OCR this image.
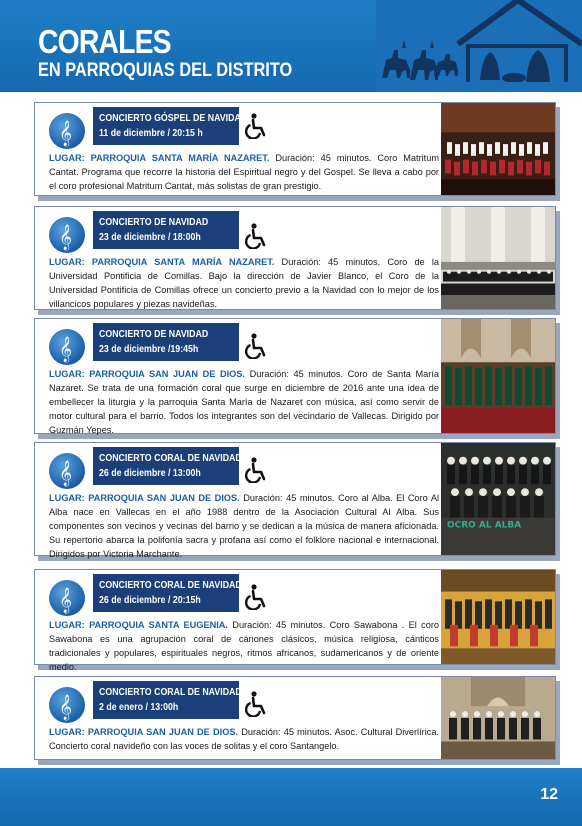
CORALES
EN PARROQUIAS DEL DISTRITO
𝄞
CONCIERTO GÓSPEL DE NAVIDAD
11 de diciembre / 20:15 h
LUGAR: PARROQUIA SANTA MARÍA NAZARET. Duración: 45 minutos. Coro Matritum Cantat. Programa que recorre la historia del Espiritual negro y del Gospel. Se lleva a cabo por el coro profesional Matritum Cantat, más solistas de gran prestigio.
𝄞
CONCIERTO DE NAVIDAD
23 de diciembre / 18:00h
LUGAR: PARROQUIA SANTA MARÍA NAZARET. Duración: 45 minutos. Coro de la Universidad Pontificia de Comillas. Bajo la dirección de Javier Blanco, el Coro de la Universidad Pontificia de Comillas ofrece un concierto previo a la Navidad con lo mejor de los villancicos populares y piezas navideñas.
𝄞
CONCIERTO DE NAVIDAD
23 de diciembre /19:45h
LUGAR: PARROQUIA SAN JUAN DE DIOS. Duración: 45 minutos. Coro de Santa María Nazaret. Se trata de una formación coral que surge en diciembre de 2016 ante una idea de embellecer la liturgia y la parroquia Santa María de Nazaret con música, así como servir de motor cultural para el barrio. Todos los integrantes son del vecindario de Vallecas. Dirigido por Guzmán Yepes.
𝄞
CONCIERTO CORAL DE NAVIDAD
26 de diciembre / 13:00h
OCRO AL ALBA
LUGAR: PARROQUIA SAN JUAN DE DIOS. Duración: 45 minutos. Coro al Alba. El Coro Al Alba nace en Vallecas en el año 1988 dentro de la Asociación Cultural Al Alba. Sus componentes son vecinos y vecinas del barrio y se dedican a la música de manera aficionada. Su repertorio abarca la polifonía sacra y profana así como el folklore nacional e internacional. Dirigidos por Victoria Marchante.
𝄞
CONCIERTO CORAL DE NAVIDAD
26 de diciembre / 20:15h
LUGAR: PARROQUIA SANTA EUGENIA. Duración: 45 minutos. Coro Sawabona . El coro Sawabona es una agrupación coral de cánones clásicos, música religiosa, cánticos tradicionales y populares, espirituales negros, ritmos africanos, sudamericanos y de oriente medio.
𝄞
CONCIERTO CORAL DE NAVIDAD
2 de enero / 13:00h
LUGAR: PARROQUIA SAN JUAN DE DIOS. Duración: 45 minutos. Asoc. Cultural Diverlírica. Concierto coral navideño con las voces de solitas y el coro Santangelo.
12
